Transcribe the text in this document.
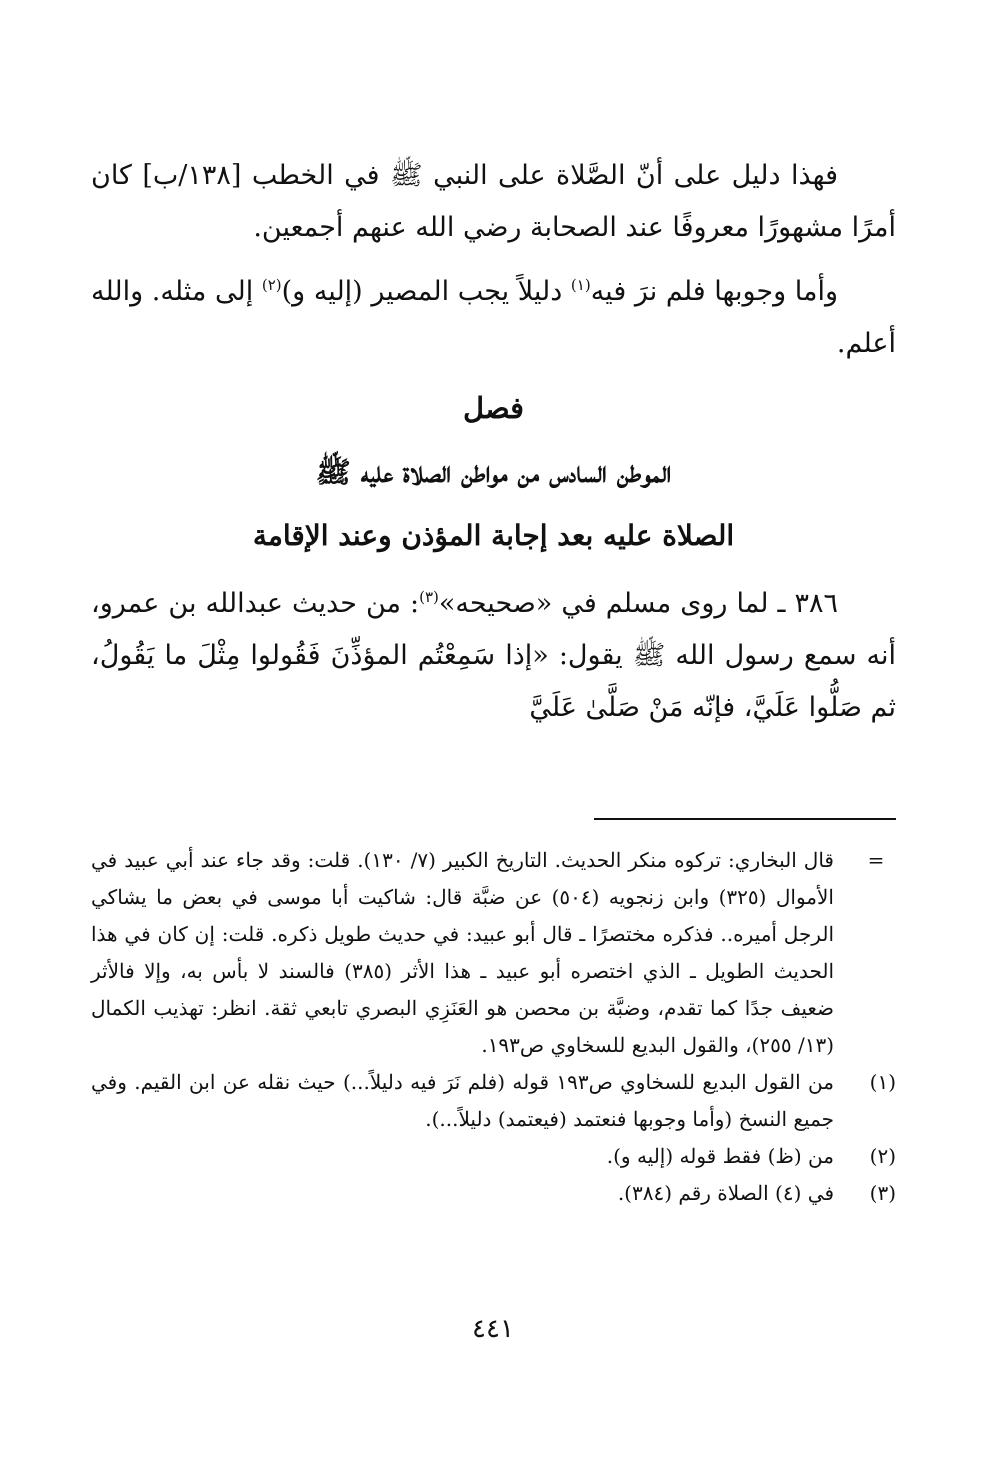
فهذا دليل على أنّ الصَّلاة على النبي ﷺ في الخطب [١٣٨/ب] كان أمرًا مشهورًا معروفًا عند الصحابة رضي الله عنهم أجمعين.

وأما وجوبها فلم نرَ فيه$^{(١)}$ دليلاً يجب المصير (إليه و)$^{(٢)}$ إلى مثله. والله أعلم.

فصل
الموطن السادس من مواطن الصلاة عليه ﷺ
الصلاة عليه بعد إجابة المؤذن وعند الإقامة

٣٨٦ ـ لما روى مسلم في «صحيحه»$^{(٣)}$: من حديث عبدالله بن عمرو، أنه سمع رسول الله ﷺ يقول: «إذا سَمِعْتُم المؤذِّنَ فَقُولوا مِثْلَ ما يَقُولُ، ثم صَلُّوا عَلَيَّ، فإنّه مَنْ صَلَّىٰ عَلَيَّ

=
قال البخاري: تركوه منكر الحديث. التاريخ الكبير (٧/ ١٣٠). قلت: وقد جاء عند أبي عبيد في الأموال (٣٢٥) وابن زنجويه (٥٠٤) عن ضبَّة قال: شاكيت أبا موسى في بعض ما يشاكي الرجل أميره.. فذكره مختصرًا ـ قال أبو عبيد: في حديث طويل ذكره. قلت: إن كان في هذا الحديث الطويل ـ الذي اختصره أبو عبيد ـ هذا الأثر (٣٨٥) فالسند لا بأس به، وإلا فالأثر ضعيف جدًا كما تقدم، وضبَّة بن محصن هو العَنَزِي البصري تابعي ثقة. انظر: تهذيب الكمال (١٣/ ٢٥٥)، والقول البديع للسخاوي ص١٩٣.

(١)
من القول البديع للسخاوي ص١٩٣ قوله (فلم نَرَ فيه دليلاً...) حيث نقله عن ابن القيم. وفي جميع النسخ (وأما وجوبها فنعتمد (فيعتمد) دليلاً...).

(٢)
من (ظ) فقط قوله (إليه و).

(٣)
في (٤) الصلاة رقم (٣٨٤).

٤٤١
